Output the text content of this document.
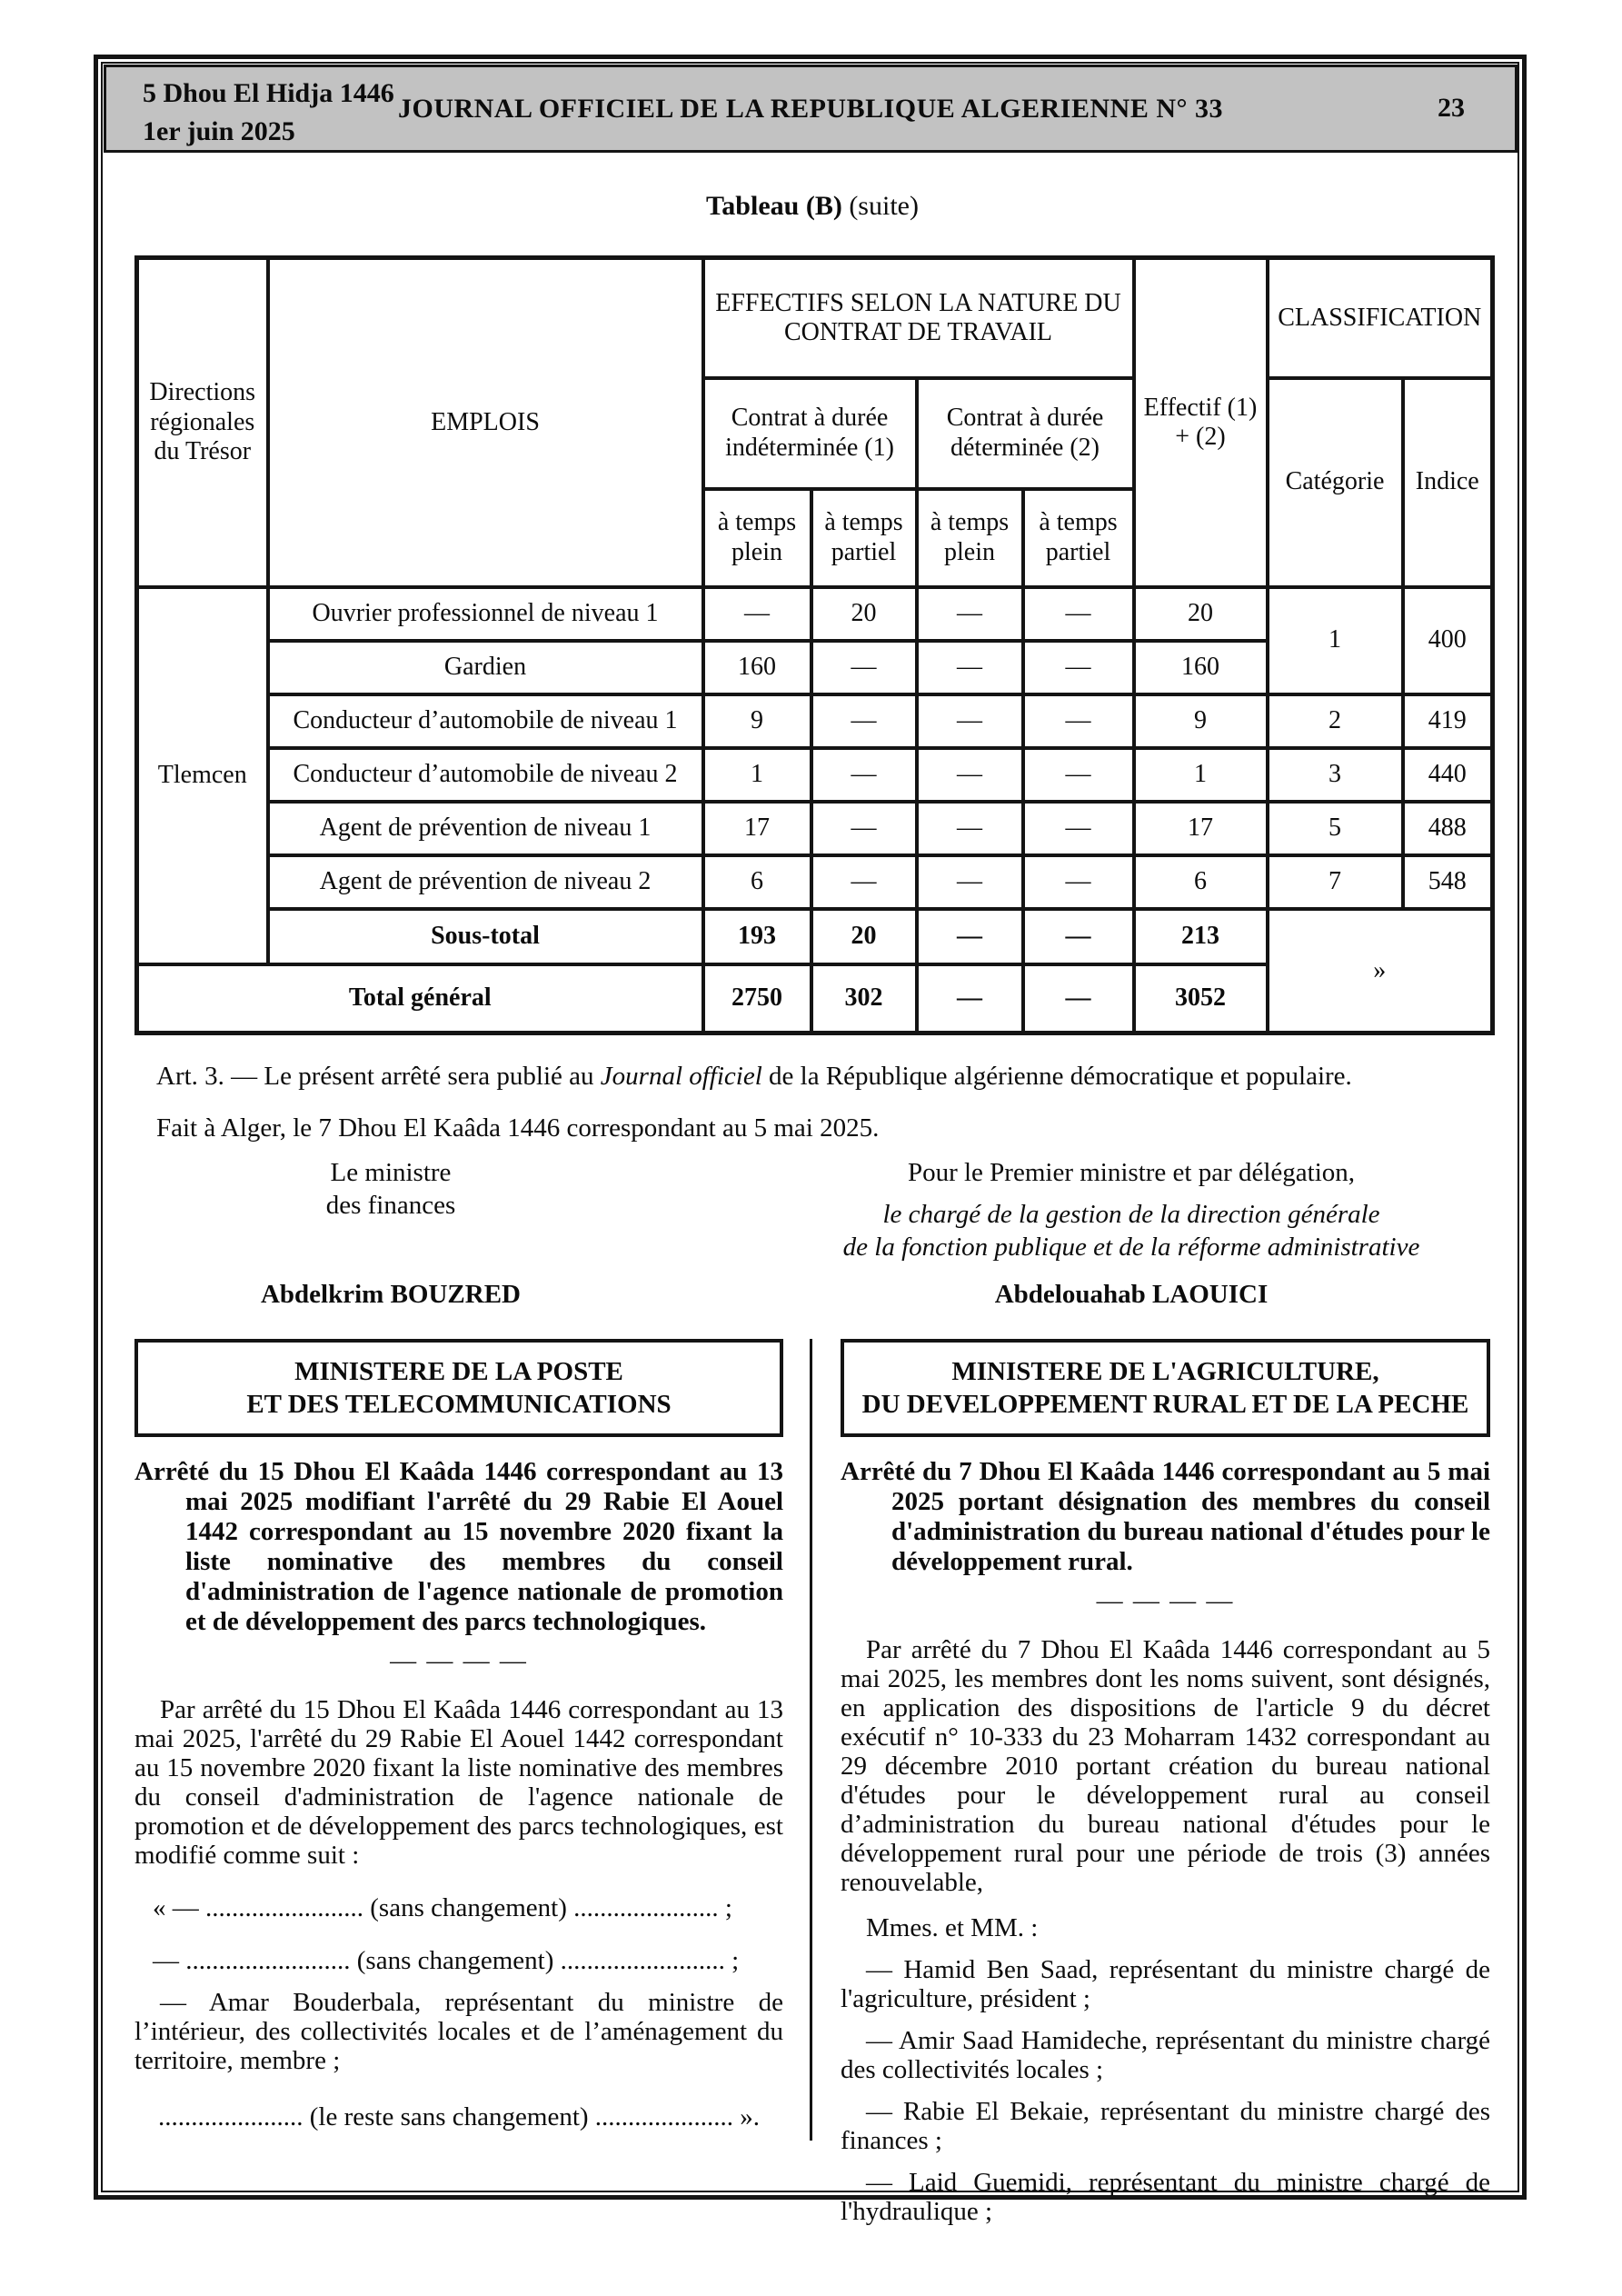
5 Dhou El Hidja 1446
1er juin 2025
JOURNAL OFFICIEL DE LA REPUBLIQUE ALGERIENNE N° 33	23
Tableau (B) (suite)
Directions régionales du Trésor	EMPLOIS	EFFECTIFS SELON LA NATURE DU CONTRAT DE TRAVAIL				Effectif (1) + (2)	CLASSIFICATION	
		Contrat à durée indéterminée (1)		Contrat à durée déterminée (2)			Catégorie	Indice
		à temps plein	à temps partiel	à temps plein	à temps partiel			
Tlemcen	Ouvrier professionnel de niveau 1	—	20	—	—	20	1	400
	Gardien	160	—	—	—	160		
	Conducteur d’automobile de niveau 1	9	—	—	—	9	2	419
	Conducteur d’automobile de niveau 2	1	—	—	—	1	3	440
	Agent de prévention de niveau 1	17	—	—	—	17	5	488
	Agent de prévention de niveau 2	6	—	—	—	6	7	548
	Sous-total	193	20	—	—	213	»	
Total général		2750	302	—	—	3052		

Art. 3. — Le présent arrêté sera publié au Journal officiel de la République algérienne démocratique et populaire.

Fait à Alger, le 7 Dhou El Kaâda 1446 correspondant au 5 mai 2025.

Le ministre
des finances
Abdelkrim BOUZRED
Pour le Premier ministre et par délégation,
le chargé de la gestion de la direction générale
de la fonction publique et de la réforme administrative
Abdelouahab LAOUICI
MINISTERE DE LA POSTE
ET DES TELECOMMUNICATIONS

Arrêté du 15 Dhou El Kaâda 1446 correspondant au 13 mai 2025 modifiant l'arrêté du 29 Rabie El Aouel 1442 correspondant au 15 novembre 2020 fixant la liste nominative des membres du conseil d'administration de l'agence nationale de promotion et de développement des parcs technologiques.

— — — —

Par arrêté du 15 Dhou El Kaâda 1446 correspondant au 13 mai 2025, l'arrêté du 29 Rabie El Aouel 1442 correspondant au 15 novembre 2020 fixant la liste nominative des membres du conseil d'administration de l'agence nationale de promotion et de développement des parcs technologiques, est modifié comme suit :

« — ........................ (sans changement) ...................... ;

— ......................... (sans changement) ......................... ;

— Amar Bouderbala, représentant du ministre de l’intérieur, des collectivités locales et de l’aménagement du territoire, membre ;

...................... (le reste sans changement) ..................... ».

MINISTERE DE L'AGRICULTURE,
DU DEVELOPPEMENT RURAL ET DE LA PECHE

Arrêté du 7 Dhou El Kaâda 1446 correspondant au 5 mai 2025 portant désignation des membres du conseil d'administration du bureau national d'études pour le développement rural.

— — — —

Par arrêté du 7 Dhou El Kaâda 1446 correspondant au 5 mai 2025, les membres dont les noms suivent, sont désignés, en application des dispositions de l'article 9 du décret exécutif n° 10-333 du 23 Moharram 1432 correspondant au 29 décembre 2010 portant création du bureau national d'études pour le développement rural au conseil d’administration du bureau national d'études pour le développement rural pour une période de trois (3) années renouvelable,

Mmes. et MM. :

— Hamid Ben Saad, représentant du ministre chargé de l'agriculture, président ;

— Amir Saad Hamideche, représentant du ministre chargé des collectivités locales ;

— Rabie El Bekaie, représentant du ministre chargé des finances ;

— Laid Guemidi, représentant du ministre chargé de l'hydraulique ;
